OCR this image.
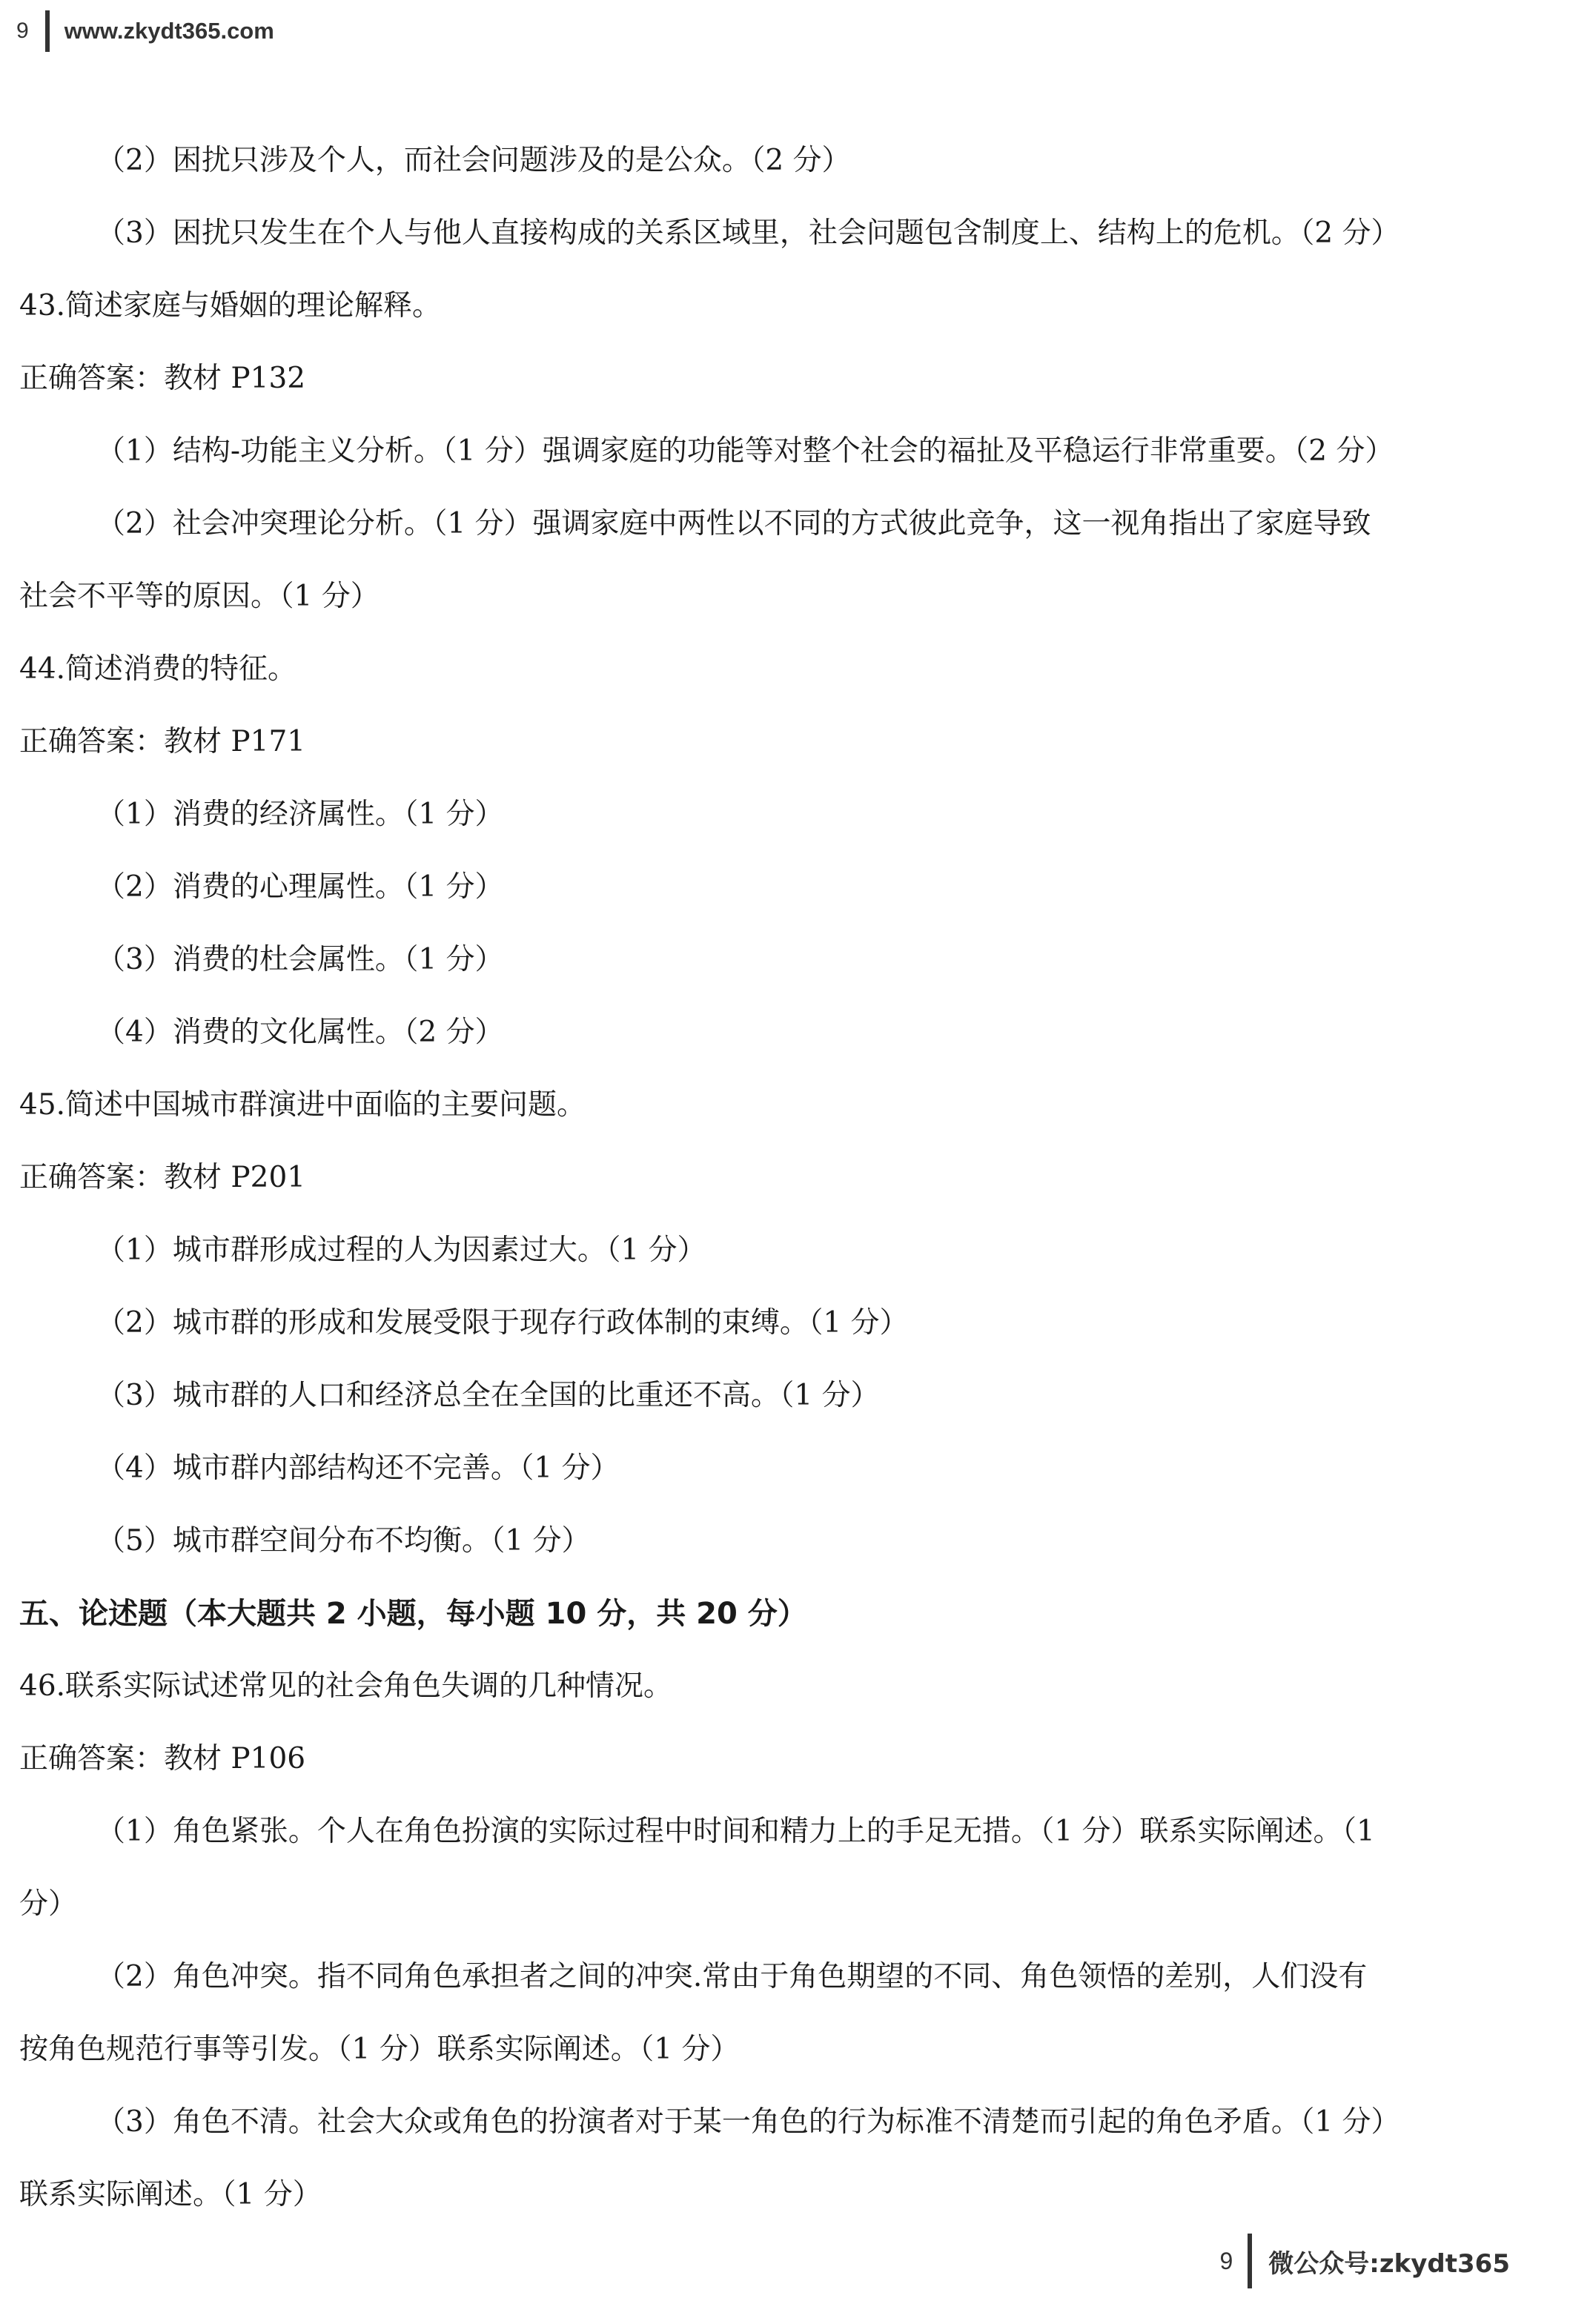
9 www.zkydt365.com
（2）困扰只涉及个人，而社会问题涉及的是公众。（2 分）
（3）困扰只发生在个人与他人直接构成的关系区域里，社会问题包含制度上、结构上的危机。（2 分）
43.简述家庭与婚姻的理论解释。
正确答案：教材 P132
（1）结构-功能主义分析。（1 分）强调家庭的功能等对整个社会的福扯及平稳运行非常重要。（2 分）
（2）社会冲突理论分析。（1 分）强调家庭中两性以不同的方式彼此竞争，这一视角指出了家庭导致
社会不平等的原因。（1 分）
44.简述消费的特征。
正确答案：教材 P171
（1）消费的经济属性。（1 分）
（2）消费的心理属性。（1 分）
（3）消费的杜会属性。（1 分）
（4）消费的文化属性。（2 分）
45.简述中国城市群演进中面临的主要问题。
正确答案：教材 P201
（1）城市群形成过程的人为因素过大。（1 分）
（2）城市群的形成和发展受限于现存行政体制的束缚。（1 分）
（3）城市群的人口和经济总全在全国的比重还不高。（1 分）
（4）城市群内部结构还不完善。（1 分）
（5）城市群空间分布不均衡。（1 分）
五、论述题（本大题共 2 小题，每小题 10 分，共 20 分）
46.联系实际试述常见的社会角色失调的几种情况。
正确答案：教材 P106
（1）角色紧张。个人在角色扮演的实际过程中时间和精力上的手足无措。（1 分）联系实际阐述。（1
分）
（2）角色冲突。指不同角色承担者之间的冲突.常由于角色期望的不同、角色领悟的差别，人们没有
按角色规范行事等引发。（1 分）联系实际阐述。（1 分）
（3）角色不清。社会大众或角色的扮演者对于某一角色的行为标准不清楚而引起的角色矛盾。（1 分）
联系实际阐述。（1 分）
9 微公众号:zkydt365
